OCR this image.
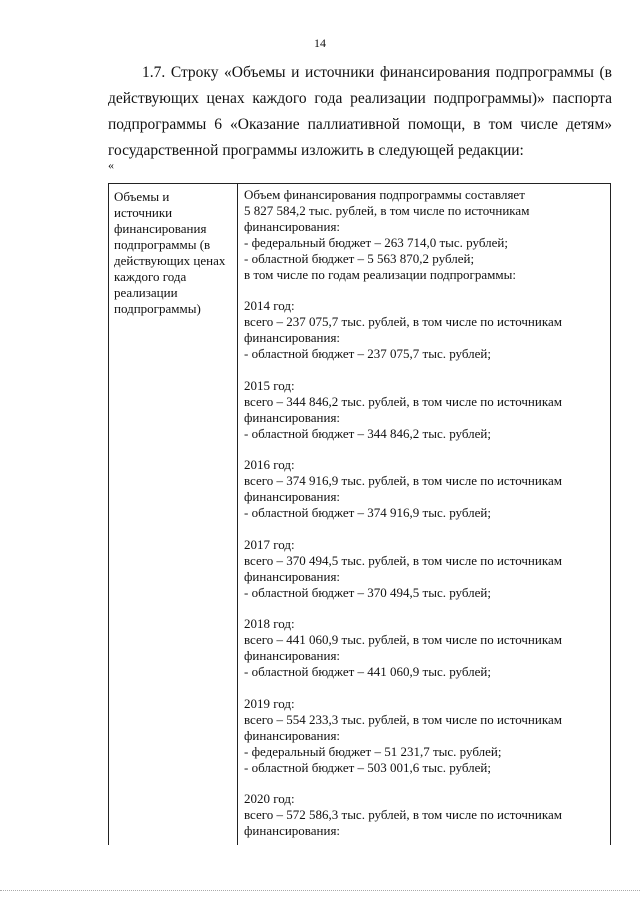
14
1.7. Строку «Объемы и источники финансирования подпрограммы (в
действующих ценах каждого года реализации подпрограммы)» паспорта
подпрограммы 6 «Оказание паллиативной помощи, в том числе детям»
государственной программы изложить в следующей редакции:
«
Объемы и
источники
финансирования
подпрограммы (в
действующих ценах
каждого года
реализации
подпрограммы)
Объем финансирования подпрограммы составляет
5 827 584,2 тыс. рублей, в том числе по источникам
финансирования:
- федеральный бюджет – 263 714,0 тыс. рублей;
- областной бюджет – 5 563 870,2 рублей;
в том числе по годам реализации подпрограммы:
2014 год:
всего – 237 075,7 тыс. рублей, в том числе по источникам
финансирования:
- областной бюджет – 237 075,7 тыс. рублей;
2015 год:
всего – 344 846,2 тыс. рублей, в том числе по источникам
финансирования:
- областной бюджет – 344 846,2 тыс. рублей;
2016 год:
всего – 374 916,9 тыс. рублей, в том числе по источникам
финансирования:
- областной бюджет – 374 916,9 тыс. рублей;
2017 год:
всего – 370 494,5 тыс. рублей, в том числе по источникам
финансирования:
- областной бюджет – 370 494,5 тыс. рублей;
2018 год:
всего – 441 060,9 тыс. рублей, в том числе по источникам
финансирования:
- областной бюджет – 441 060,9 тыс. рублей;
2019 год:
всего – 554 233,3 тыс. рублей, в том числе по источникам
финансирования:
- федеральный бюджет – 51 231,7 тыс. рублей;
- областной бюджет – 503 001,6 тыс. рублей;
2020 год:
всего – 572 586,3 тыс. рублей, в том числе по источникам
финансирования:
